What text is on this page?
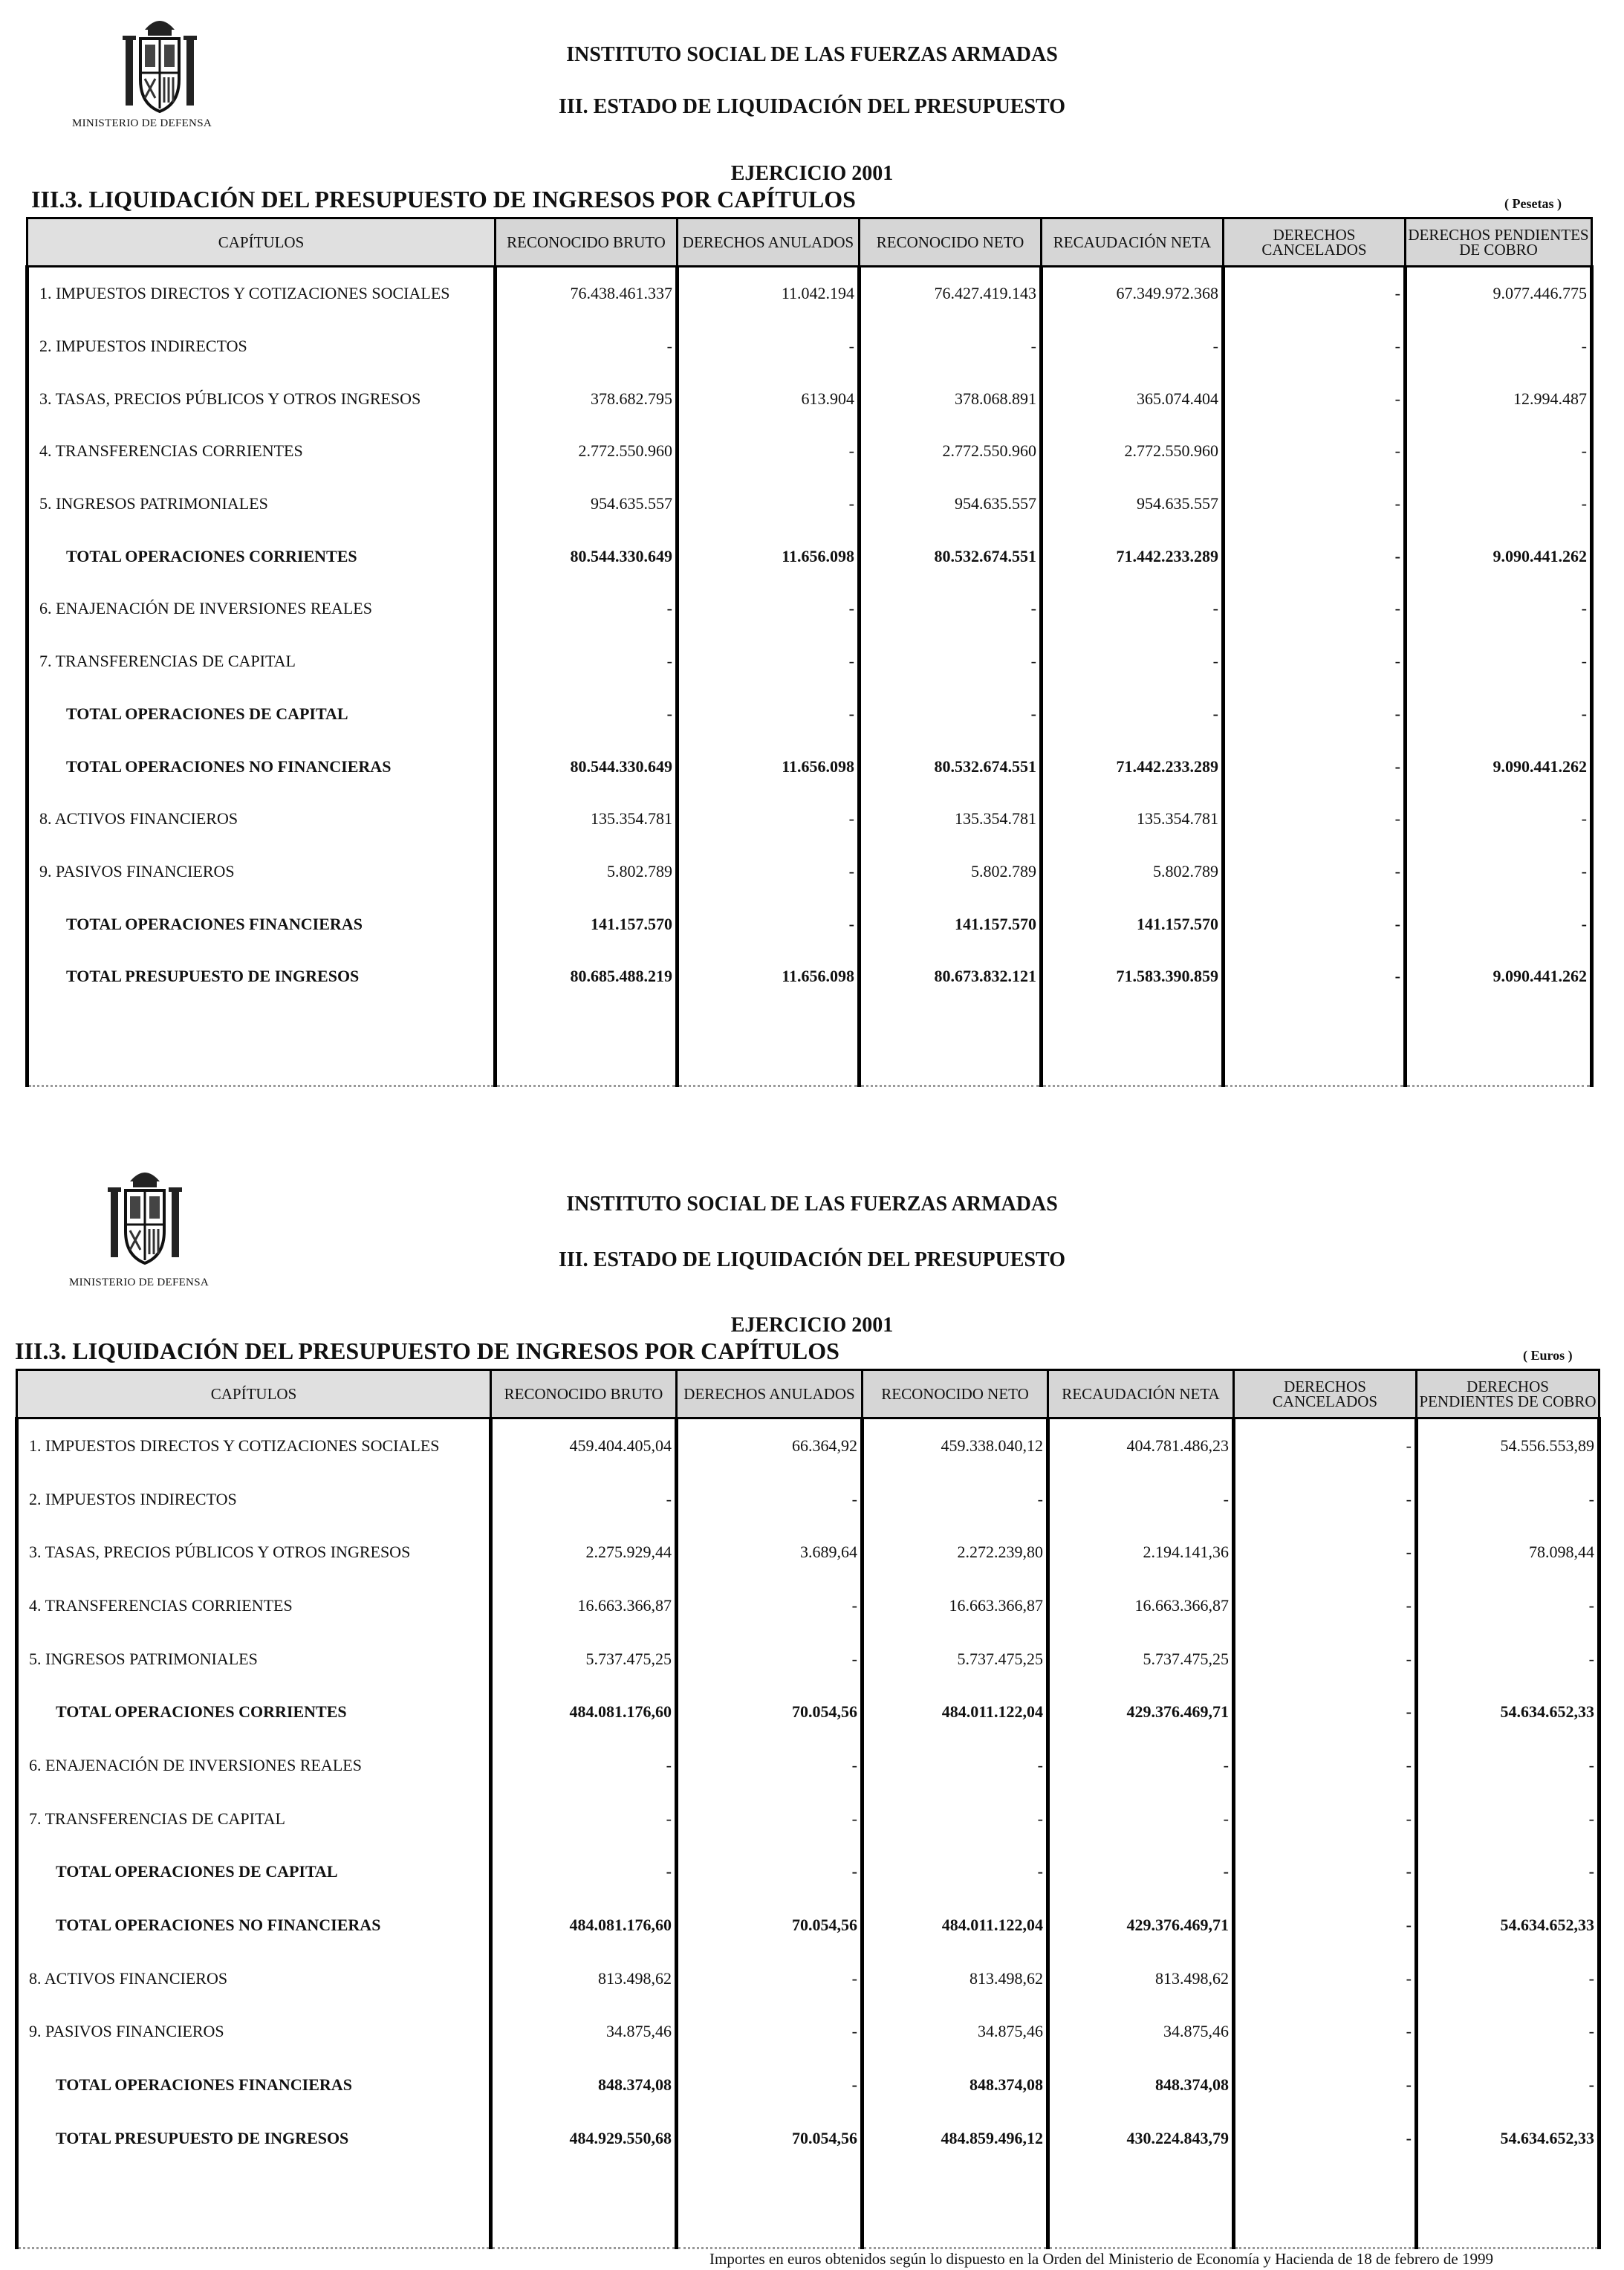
MINISTERIO DE DEFENSA
INSTITUTO SOCIAL DE LAS FUERZAS ARMADAS
III. ESTADO DE LIQUIDACIÓN DEL PRESUPUESTO
EJERCICIO 2001
III.3. LIQUIDACIÓN DEL PRESUPUESTO DE INGRESOS POR CAPÍTULOS	( Pesetas )
CAPÍTULOS	RECONOCIDO BRUTO	DERECHOS ANULADOS	RECONOCIDO NETO	RECAUDACIÓN NETA	DERECHOS CANCELADOS	DERECHOS PENDIENTES DE COBRO
1. IMPUESTOS DIRECTOS Y COTIZACIONES SOCIALES	76.438.461.337	11.042.194	76.427.419.143	67.349.972.368	-	9.077.446.775
2. IMPUESTOS INDIRECTOS	-	-	-	-	-	-
3. TASAS, PRECIOS PÚBLICOS Y OTROS INGRESOS	378.682.795	613.904	378.068.891	365.074.404	-	12.994.487
4. TRANSFERENCIAS CORRIENTES	2.772.550.960	-	2.772.550.960	2.772.550.960	-	-
5. INGRESOS PATRIMONIALES	954.635.557	-	954.635.557	954.635.557	-	-
TOTAL OPERACIONES CORRIENTES	80.544.330.649	11.656.098	80.532.674.551	71.442.233.289	-	9.090.441.262
6. ENAJENACIÓN DE INVERSIONES REALES	-	-	-	-	-	-
7. TRANSFERENCIAS DE CAPITAL	-	-	-	-	-	-
TOTAL OPERACIONES DE CAPITAL	-	-	-	-	-	-
TOTAL OPERACIONES NO FINANCIERAS	80.544.330.649	11.656.098	80.532.674.551	71.442.233.289	-	9.090.441.262
8. ACTIVOS FINANCIEROS	135.354.781	-	135.354.781	135.354.781	-	-
9. PASIVOS FINANCIEROS	5.802.789	-	5.802.789	5.802.789	-	-
TOTAL OPERACIONES FINANCIERAS	141.157.570	-	141.157.570	141.157.570	-	-
TOTAL PRESUPUESTO DE INGRESOS	80.685.488.219	11.656.098	80.673.832.121	71.583.390.859	-	9.090.441.262

MINISTERIO DE DEFENSA
INSTITUTO SOCIAL DE LAS FUERZAS ARMADAS
III. ESTADO DE LIQUIDACIÓN DEL PRESUPUESTO
EJERCICIO 2001
III.3. LIQUIDACIÓN DEL PRESUPUESTO DE INGRESOS POR CAPÍTULOS	( Euros )
CAPÍTULOS	RECONOCIDO BRUTO	DERECHOS ANULADOS	RECONOCIDO NETO	RECAUDACIÓN NETA	DERECHOS CANCELADOS	DERECHOS PENDIENTES DE COBRO
1. IMPUESTOS DIRECTOS Y COTIZACIONES SOCIALES	459.404.405,04	66.364,92	459.338.040,12	404.781.486,23	-	54.556.553,89
2. IMPUESTOS INDIRECTOS	-	-	-	-	-	-
3. TASAS, PRECIOS PÚBLICOS Y OTROS INGRESOS	2.275.929,44	3.689,64	2.272.239,80	2.194.141,36	-	78.098,44
4. TRANSFERENCIAS CORRIENTES	16.663.366,87	-	16.663.366,87	16.663.366,87	-	-
5. INGRESOS PATRIMONIALES	5.737.475,25	-	5.737.475,25	5.737.475,25	-	-
TOTAL OPERACIONES CORRIENTES	484.081.176,60	70.054,56	484.011.122,04	429.376.469,71	-	54.634.652,33
6. ENAJENACIÓN DE INVERSIONES REALES	-	-	-	-	-	-
7. TRANSFERENCIAS DE CAPITAL	-	-	-	-	-	-
TOTAL OPERACIONES DE CAPITAL	-	-	-	-	-	-
TOTAL OPERACIONES NO FINANCIERAS	484.081.176,60	70.054,56	484.011.122,04	429.376.469,71	-	54.634.652,33
8. ACTIVOS FINANCIEROS	813.498,62	-	813.498,62	813.498,62	-	-
9. PASIVOS FINANCIEROS	34.875,46	-	34.875,46	34.875,46	-	-
TOTAL OPERACIONES FINANCIERAS	848.374,08	-	848.374,08	848.374,08	-	-
TOTAL PRESUPUESTO DE INGRESOS	484.929.550,68	70.054,56	484.859.496,12	430.224.843,79	-	54.634.652,33

Importes en euros obtenidos según lo dispuesto en la Orden del Ministerio de Economía y Hacienda de 18 de febrero de 1999
